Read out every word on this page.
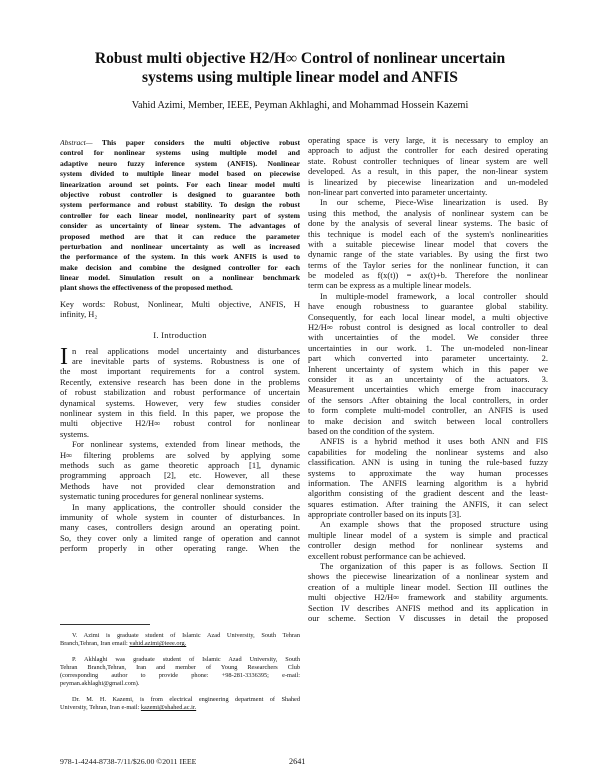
Robust multi objective H2/H∞ Control of nonlinear uncertain
systems using multiple linear model and ANFIS
Vahid Azimi, Member, IEEE, Peyman Akhlaghi, and Mohammad Hossein Kazemi
Abstract— This paper considers the multi objective robust
control for nonlinear systems using multiple model and
adaptive neuro fuzzy inference system (ANFIS). Nonlinear
system divided to multiple linear model based on piecewise
linearization around set points. For each linear model multi
objective robust controller is designed to guarantee both
system performance and robust stability. To design the robust
controller for each linear model, nonlinearity part of system
consider as uncertainty of linear system. The advantages of
proposed method are that it can reduce the parameter
perturbation and nonlinear uncertainty as well as increased
the performance of the system. In this work ANFIS is used to
make decision and combine the designed controller for each
linear model. Simulation result on a nonlinear benchmark
plant shows the effectiveness of the proposed method.
Key words: Robust, Nonlinear, Multi objective, ANFIS, H
infinity, H₂
I. Introduction
I n real applications model uncertainty and disturbances
are inevitable parts of systems. Robustness is one of
the most important requirements for a control system.
Recently, extensive research has been done in the problems
of robust stabilization and robust performance of uncertain
dynamical systems. However, very few studies consider
nonlinear system in this field. In this paper, we propose the
multi objective H2/H∞ robust control for nonlinear
systems.
For nonlinear systems, extended from linear methods, the
H∞ filtering problems are solved by applying some
methods such as game theoretic approach [1], dynamic
programming approach [2], etc. However, all these
Methods have not provided clear demonstration and
systematic tuning procedures for general nonlinear systems.
In many applications, the controller should consider the
immunity of whole system in counter of disturbances. In
many cases, controllers design around an operating point.
So, they cover only a limited range of operation and cannot
perform properly in other operating range. When the
V. Azimi is graduate student of Islamic Azad University, South Tehran
Branch,Tehran, Iran email: vahid.azimi@ieee.org.
P. Akhlaghi was graduate student of Islamic Azad University, South
Tehran Branch,Tehran, Iran and member of Young Researchers Club
(corresponding author to provide phone: +98-281-3336395; e-mail:
peyman.akhlaghi@gmail.com).
Dr. M. H. Kazemi, is from electrical engineering department of Shahed
University, Tehran, Iran e-mail: kazemi@shahed.ac.ir.
operating space is very large, it is necessary to employ an
approach to adjust the controller for each desired operating
state. Robust controller techniques of linear system are well
developed. As a result, in this paper, the non-linear system
is linearized by piecewise linearization and un-modeled
non-linear part converted into parameter uncertainty.
In our scheme, Piece-Wise linearization is used. By
using this method, the analysis of nonlinear system can be
done by the analysis of several linear systems. The basic of
this technique is model each of the system's nonlinearities
with a suitable piecewise linear model that covers the
dynamic range of the state variables. By using the first two
terms of the Taylor series for the nonlinear function, it can
be modeled as f(x(t)) = ax(t)+b. Therefore the nonlinear
term can be express as a multiple linear models.
In multiple-model framework, a local controller should
have enough robustness to guarantee global stability.
Consequently, for each local linear model, a multi objective
H2/H∞ robust control is designed as local controller to deal
with uncertainties of the model. We consider three
uncertainties in our work. 1. The un-modeled non-linear
part which converted into parameter uncertainty. 2.
Inherent uncertainty of system which in this paper we
consider it as an uncertainty of the actuators. 3.
Measurement uncertainties which emerge from inaccuracy
of the sensors .After obtaining the local controllers, in order
to form complete multi-model controller, an ANFIS is used
to make decision and switch between local controllers
based on the condition of the system.
ANFIS is a hybrid method it uses both ANN and FIS
capabilities for modeling the nonlinear systems and also
classification. ANN is using in tuning the rule-based fuzzy
systems to approximate the way human processes
information. The ANFIS learning algorithm is a hybrid
algorithm consisting of the gradient descent and the least-
squares estimation. After training the ANFIS, it can select
appropriate controller based on its inputs [3].
An example shows that the proposed structure using
multiple linear model of a system is simple and practical
controller design method for nonlinear systems and
excellent robust performance can be achieved.
The organization of this paper is as follows. Section II
shows the piecewise linearization of a nonlinear system and
creation of a multiple linear model. Section III outlines the
multi objective H2/H∞ framework and stability arguments.
Section IV describes ANFIS method and its application in
our scheme. Section V discusses in detail the proposed
978-1-4244-8738-7/11/$26.00 ©2011 IEEE	2641
